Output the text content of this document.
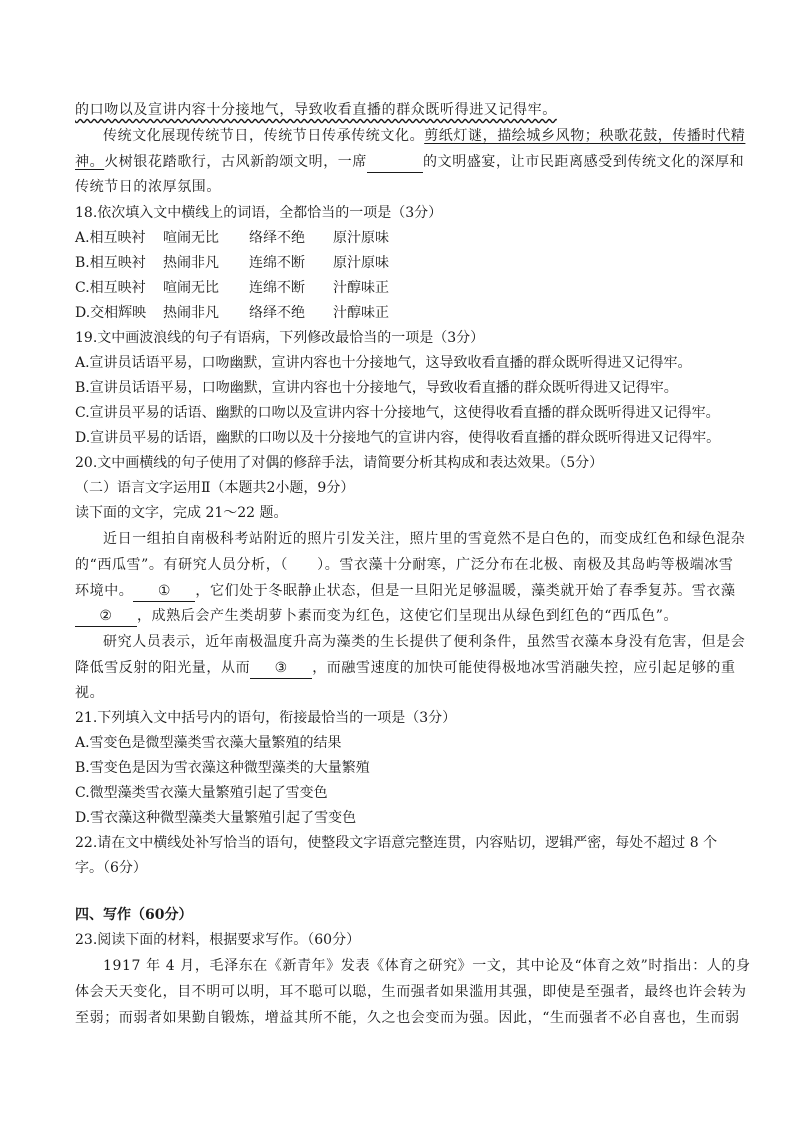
的口吻以及宣讲内容十分接地气，导致收看直播的群众既听得进又记得牢。
传统文化展现传统节日，传统节日传承传统文化。剪纸灯谜，描绘城乡风物；秧歌花鼓，传播时代精
神。火树银花踏歌行，古风新韵颂文明，一席	的文明盛宴，让市民距离感受到传统文化的深厚和
传统节日的浓厚氛围。
18.依次填入文中横线上的词语，全都恰当的一项是（3分）
A.相互映衬 喧闹无比 络绎不绝 原汁原味
B.相互映衬 热闹非凡 连绵不断 原汁原味
C.相互映衬 喧闹无比 连绵不断 汁醇味正
D.交相辉映 热闹非凡 络绎不绝 汁醇味正
19.文中画波浪线的句子有语病，下列修改最恰当的一项是（3分）
A.宣讲员话语平易，口吻幽默，宣讲内容也十分接地气，这导致收看直播的群众既听得进又记得牢。
B.宣讲员话语平易，口吻幽默，宣讲内容也十分接地气，导致收看直播的群众既听得进又记得牢。
C.宣讲员平易的话语、幽默的口吻以及宣讲内容十分接地气，这使得收看直播的群众既听得进又记得牢。
D.宣讲员平易的话语，幽默的口吻以及十分接地气的宣讲内容，使得收看直播的群众既听得进又记得牢。
20.文中画横线的句子使用了对偶的修辞手法，请简要分析其构成和表达效果。（5分）
（二）语言文字运用Ⅱ（本题共2小题，9分）
读下面的文字，完成 21～22 题。
近日一组拍自南极科考站附近的照片引发关注，照片里的雪竟然不是白色的，而变成红色和绿色混杂
的“西瓜雪”。有研究人员分析，（　　）。雪衣藻十分耐寒，广泛分布在北极、南极及其岛屿等极端冰雪
环境中。 ① ，它们处于冬眠静止状态，但是一旦阳光足够温暖，藻类就开始了春季复苏。雪衣藻
② ，成熟后会产生类胡萝卜素而变为红色，这使它们呈现出从绿色到红色的“西瓜色”。
研究人员表示，近年南极温度升高为藻类的生长提供了便利条件，虽然雪衣藻本身没有危害，但是会
降低雪反射的阳光量，从而 ③ ，而融雪速度的加快可能使得极地冰雪消融失控，应引起足够的重
视。
21.下列填入文中括号内的语句，衔接最恰当的一项是（3分）
A.雪变色是微型藻类雪衣藻大量繁殖的结果
B.雪变色是因为雪衣藻这种微型藻类的大量繁殖
C.微型藻类雪衣藻大量繁殖引起了雪变色
D.雪衣藻这种微型藻类大量繁殖引起了雪变色
22.请在文中横线处补写恰当的语句，使整段文字语意完整连贯，内容贴切，逻辑严密，每处不超过 8 个
字。（6分）
四、写作（60分）
23.阅读下面的材料，根据要求写作。（60分）
1917 年 4 月，毛泽东在《新青年》发表《体育之研究》一文，其中论及“体育之效”时指出：人的身
体会天天变化，目不明可以明，耳不聪可以聪，生而强者如果滥用其强，即使是至强者，最终也许会转为
至弱；而弱者如果勤自锻炼，增益其所不能，久之也会变而为强。因此，“生而强者不必自喜也，生而弱
